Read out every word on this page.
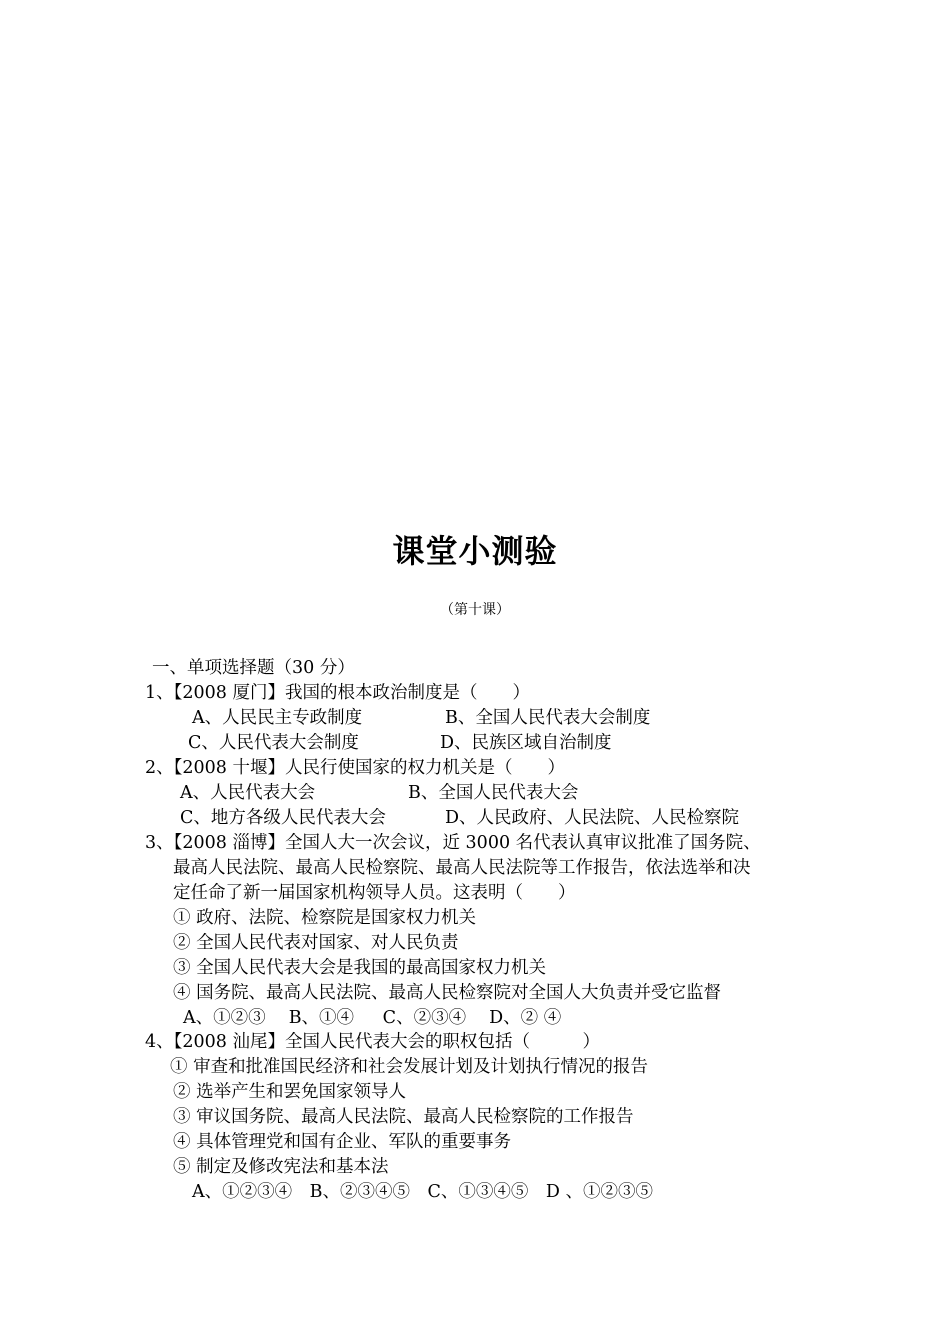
课堂小测验
（第十课）
一、单项选择题（30 分）
1、【2008 厦门】我国的根本政治制度是（　　）
A、人民民主专政制度	B、全国人民代表大会制度
C、人民代表大会制度	D、民族区域自治制度
2、【2008 十堰】人民行使国家的权力机关是（　　）
A、人民代表大会	B、全国人民代表大会
C、地方各级人民代表大会	D、人民政府、人民法院、人民检察院
3、【2008 淄博】全国人大一次会议，近 3000 名代表认真审议批准了国务院、
最高人民法院、最高人民检察院、最高人民法院等工作报告，依法选举和决
定任命了新一届国家机构领导人员。这表明（　　）
① 政府、法院、检察院是国家权力机关
② 全国人民代表对国家、对人民负责
③ 全国人民代表大会是我国的最高国家权力机关
④ 国务院、最高人民法院、最高人民检察院对全国人大负责并受它监督
A、①②③　 B、①④ 　 C、②③④　 D、② ④
4、【2008 汕尾】全国人民代表大会的职权包括（　　　）
① 审查和批准国民经济和社会发展计划及计划执行情况的报告
② 选举产生和罢免国家领导人
③ 审议国务院、最高人民法院、最高人民检察院的工作报告
④ 具体管理党和国有企业、军队的重要事务
⑤ 制定及修改宪法和基本法
A、①②③④　B、②③④⑤　C、①③④⑤　D 、①②③⑤
